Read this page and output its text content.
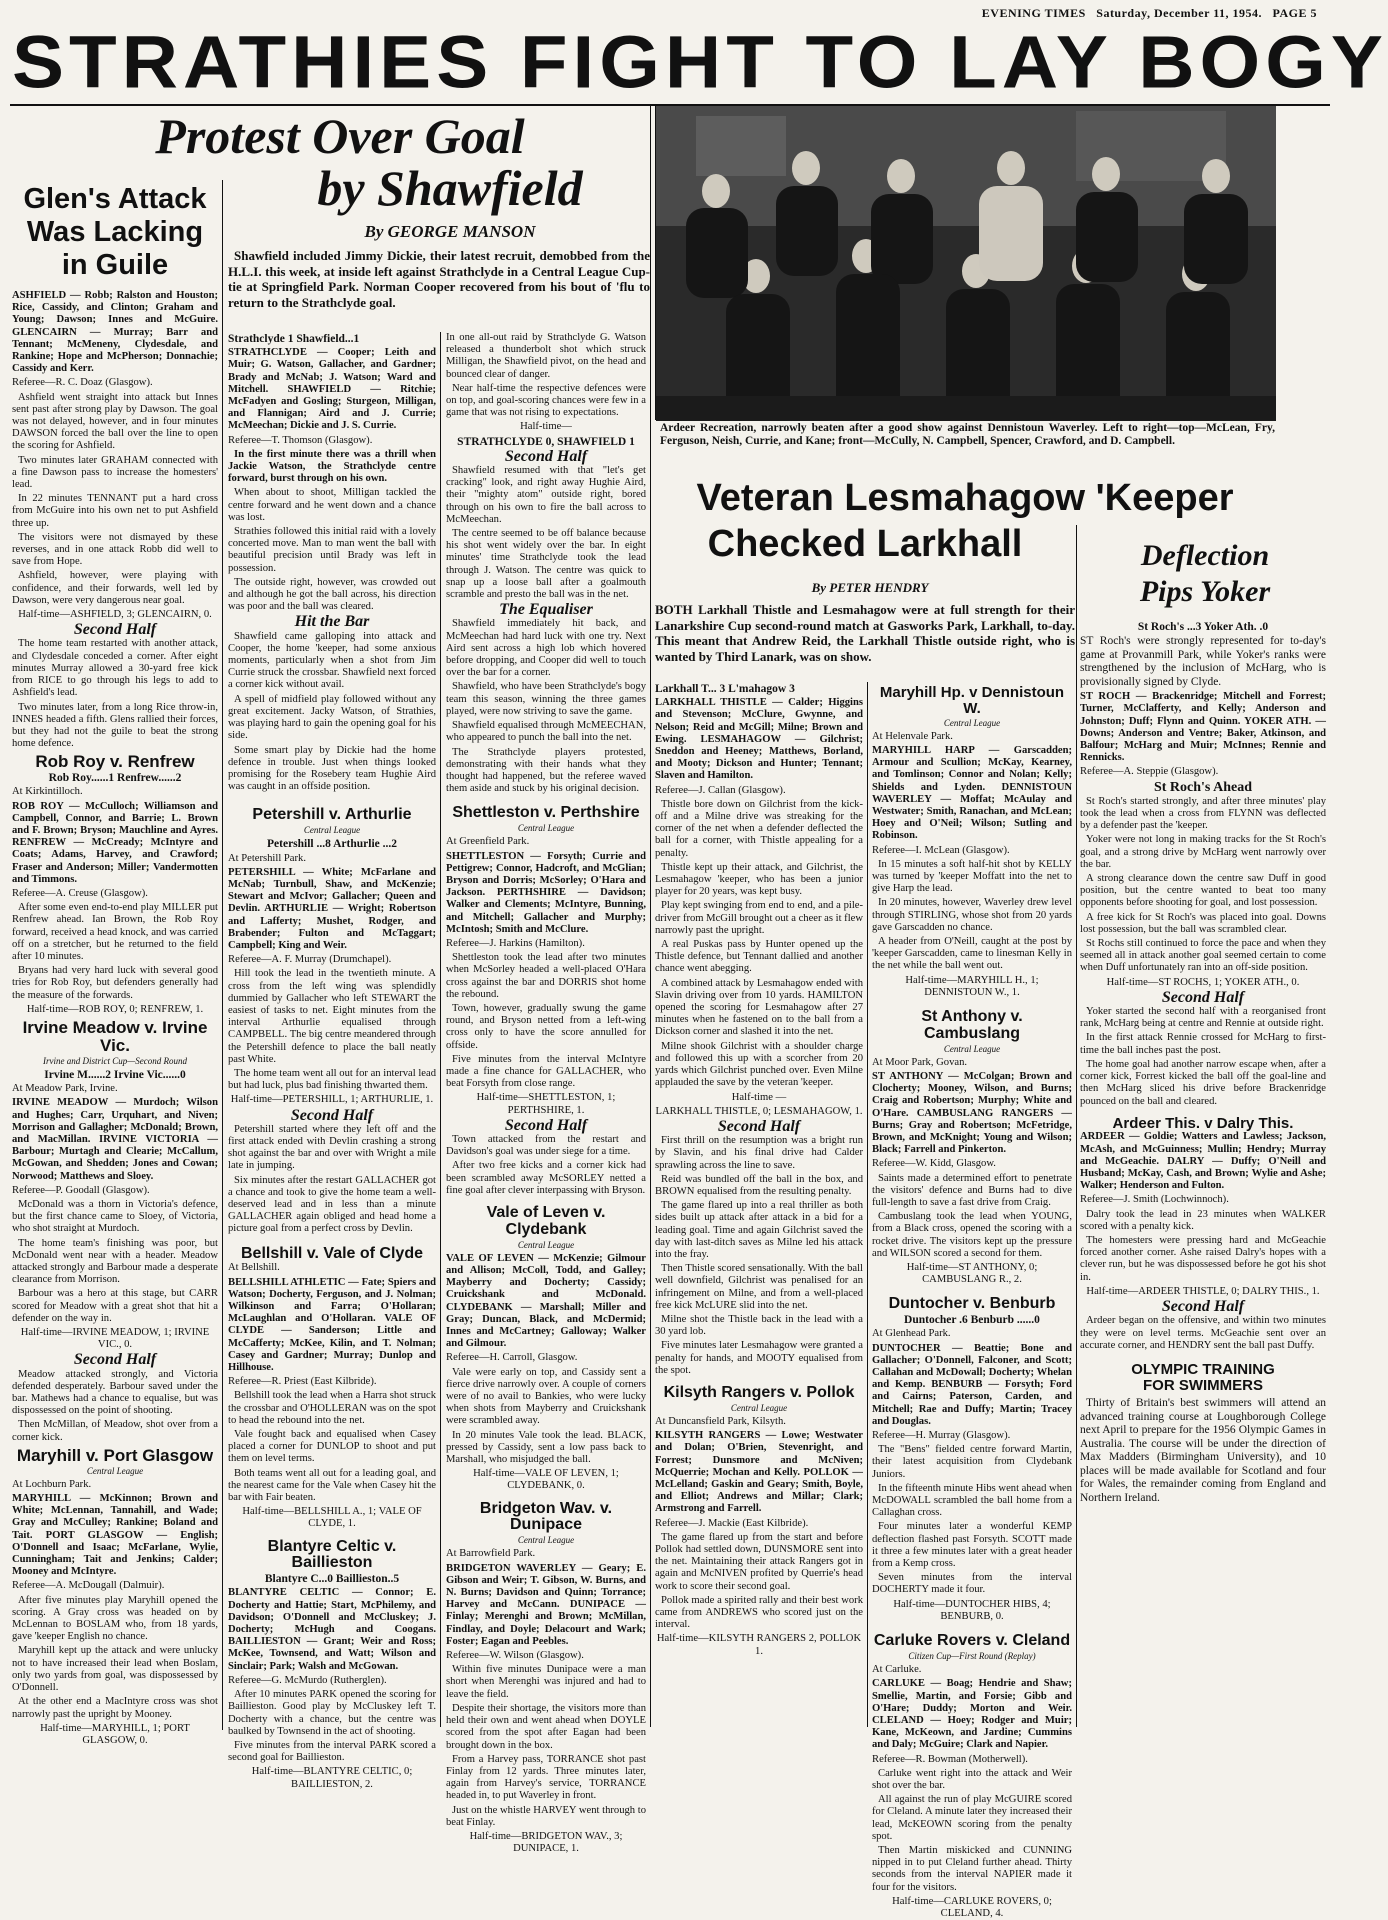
EVENING TIMES Saturday, December 11, 1954. PAGE 5
STRATHIES FIGHT TO LAY BOGY
Protest Over Goal
by Shawfield
By GEORGE MANSON

Shawfield included Jimmy Dickie, their latest recruit, demobbed from the H.L.I. this week, at inside left against Strathclyde in a Central League Cup-tie at Springfield Park. Norman Cooper recovered from his bout of 'flu to return to the Strathclyde goal.

Glen's Attack
Was Lacking
in Guile

ASHFIELD — Robb; Ralston and Houston; Rice, Cassidy, and Clinton; Graham and Young; Dawson; Innes and McGuire. GLENCAIRN — Murray; Barr and Tennant; McMeneny, Clydesdale, and Rankine; Hope and McPherson; Donnachie; Cassidy and Kerr.

Referee—R. C. Doaz (Glasgow).

Ashfield went straight into attack but Innes sent past after strong play by Dawson. The goal was not delayed, however, and in four minutes DAWSON forced the ball over the line to open the scoring for Ashfield.

Two minutes later GRAHAM connected with a fine Dawson pass to increase the homesters' lead.

In 22 minutes TENNANT put a hard cross from McGuire into his own net to put Ashfield three up.

The visitors were not dismayed by these reverses, and in one attack Robb did well to save from Hope.

Ashfield, however, were playing with confidence, and their forwards, well led by Dawson, were very dangerous near goal.

Half-time—ASHFIELD, 3; GLENCAIRN, 0.
Second Half

The home team restarted with another attack, and Clydesdale conceded a corner. After eight minutes Murray allowed a 30-yard free kick from RICE to go through his legs to add to Ashfield's lead.

Two minutes later, from a long Rice throw-in, INNES headed a fifth. Glens rallied their forces, but they had not the guile to beat the strong home defence.

Rob Roy v. Renfrew
Rob Roy......1 Renfrew......2

At Kirkintilloch.

ROB ROY — McCulloch; Williamson and Campbell, Connor, and Barrie; L. Brown and F. Brown; Bryson; Mauchline and Ayres. RENFREW — McCready; McIntyre and Coats; Adams, Harvey, and Crawford; Fraser and Anderson; Miller; Vandermotten and Timmons.

Referee—A. Creuse (Glasgow).

After some even end-to-end play MILLER put Renfrew ahead. Ian Brown, the Rob Roy forward, received a head knock, and was carried off on a stretcher, but he returned to the field after 10 minutes.

Bryans had very hard luck with several good tries for Rob Roy, but defenders generally had the measure of the forwards.

Half-time—ROB ROY, 0; RENFREW, 1.
Irvine Meadow v. Irvine Vic.
Irvine and District Cup—Second Round
Irvine M......2 Irvine Vic......0

At Meadow Park, Irvine.

IRVINE MEADOW — Murdoch; Wilson and Hughes; Carr, Urquhart, and Niven; Morrison and Gallagher; McDonald; Brown, and MacMillan. IRVINE VICTORIA — Barbour; Murtagh and Clearie; McCallum, McGowan, and Shedden; Jones and Cowan; Norwood; Matthews and Sloey.

Referee—P. Goodall (Glasgow).

McDonald was a thorn in Victoria's defence, but the first chance came to Sloey, of Victoria, who shot straight at Murdoch.

The home team's finishing was poor, but McDonald went near with a header. Meadow attacked strongly and Barbour made a desperate clearance from Morrison.

Barbour was a hero at this stage, but CARR scored for Meadow with a great shot that hit a defender on the way in.

Half-time—IRVINE MEADOW, 1; IRVINE VIC., 0.
Second Half

Meadow attacked strongly, and Victoria defended desperately. Barbour saved under the bar. Mathews had a chance to equalise, but was dispossessed on the point of shooting.

Then McMillan, of Meadow, shot over from a corner kick.

Maryhill v. Port Glasgow
Central League

At Lochburn Park.

MARYHILL — McKinnon; Brown and White; McLennan, Tannahill, and Wade; Gray and McCulley; Rankine; Boland and Tait. PORT GLASGOW — English; O'Donnell and Isaac; McFarlane, Wylie, Cunningham; Tait and Jenkins; Calder; Mooney and McIntyre.

Referee—A. McDougall (Dalmuir).

After five minutes play Maryhill opened the scoring. A Gray cross was headed on by McLennan to BOSLAM who, from 18 yards, gave 'keeper English no chance.

Maryhill kept up the attack and were unlucky not to have increased their lead when Boslam, only two yards from goal, was dispossessed by O'Donnell.

At the other end a MacIntyre cross was shot narrowly past the upright by Mooney.

Half-time—MARYHILL, 1; PORT GLASGOW, 0.
Strathclyde 1 Shawfield...1

STRATHCLYDE — Cooper; Leith and Muir; G. Watson, Gallacher, and Gardner; Brady and McNab; J. Watson; Ward and Mitchell. SHAWFIELD — Ritchie; McFadyen and Gosling; Sturgeon, Milligan, and Flannigan; Aird and J. Currie; McMeechan; Dickie and J. S. Currie.

Referee—T. Thomson (Glasgow).

In the first minute there was a thrill when Jackie Watson, the Strathclyde centre forward, burst through on his own.

When about to shoot, Milligan tackled the centre forward and he went down and a chance was lost.

Strathies followed this initial raid with a lovely concerted move. Man to man went the ball with beautiful precision until Brady was left in possession.

The outside right, however, was crowded out and although he got the ball across, his direction was poor and the ball was cleared.

Hit the Bar

Shawfield came galloping into attack and Cooper, the home 'keeper, had some anxious moments, particularly when a shot from Jim Currie struck the crossbar. Shawfield next forced a corner kick without avail.

A spell of midfield play followed without any great excitement. Jacky Watson, of Strathies, was playing hard to gain the opening goal for his side.

Some smart play by Dickie had the home defence in trouble. Just when things looked promising for the Rosebery team Hughie Aird was caught in an offside position.

Petershill v. Arthurlie
Central League
Petershill ...8 Arthurlie ...2

At Petershill Park.

PETERSHILL — White; McFarlane and McNab; Turnbull, Shaw, and McKenzie; Stewart and McIvor; Gallacher; Queen and Devlin. ARTHURLIE — Wright; Robertson and Lafferty; Mushet, Rodger, and Brabender; Fulton and McTaggart; Campbell; King and Weir.

Referee—A. F. Murray (Drumchapel).

Hill took the lead in the twentieth minute. A cross from the left wing was splendidly dummied by Gallacher who left STEWART the easiest of tasks to net. Eight minutes from the interval Arthurlie equalised through CAMPBELL. The big centre meandered through the Petershill defence to place the ball neatly past White.

The home team went all out for an interval lead but had luck, plus bad finishing thwarted them.

Half-time—PETERSHILL, 1; ARTHURLIE, 1.
Second Half

Petershill started where they left off and the first attack ended with Devlin crashing a strong shot against the bar and over with Wright a mile late in jumping.

Six minutes after the restart GALLACHER got a chance and took to give the home team a well-deserved lead and in less than a minute GALLACHER again obliged and head home a picture goal from a perfect cross by Devlin.

Bellshill v. Vale of Clyde

At Bellshill.

BELLSHILL ATHLETIC — Fate; Spiers and Watson; Docherty, Ferguson, and J. Nolman; Wilkinson and Farra; O'Hollaran; McLaughlan and O'Hollaran. VALE OF CLYDE — Sanderson; Little and McCafferty; McKee, Kilin, and T. Nolman; Casey and Gardner; Murray; Dunlop and Hillhouse.

Referee—R. Priest (East Kilbride).

Bellshill took the lead when a Harra shot struck the crossbar and O'HOLLERAN was on the spot to head the rebound into the net.

Vale fought back and equalised when Casey placed a corner for DUNLOP to shoot and put them on level terms.

Both teams went all out for a leading goal, and the nearest came for the Vale when Casey hit the bar with Fair beaten.

Half-time—BELLSHILL A., 1; VALE OF CLYDE, 1.
Blantyre Celtic v. Baillieston
Blantyre C...0 Baillieston..5

BLANTYRE CELTIC — Connor; E. Docherty and Hattie; Start, McPhilemy, and Davidson; O'Donnell and McCluskey; J. Docherty; McHugh and Coogans. BAILLIESTON — Grant; Weir and Ross; McKee, Townsend, and Watt; Wilson and Sinclair; Park; Walsh and McGowan.

Referee—G. McMurdo (Rutherglen).

After 10 minutes PARK opened the scoring for Baillieston. Good play by McCluskey left T. Docherty with a chance, but the centre was baulked by Townsend in the act of shooting.

Five minutes from the interval PARK scored a second goal for Baillieston.

Half-time—BLANTYRE CELTIC, 0; BAILLIESTON, 2.

In one all-out raid by Strathclyde G. Watson released a thunderbolt shot which struck Milligan, the Shawfield pivot, on the head and bounced clear of danger.

Near half-time the respective defences were on top, and goal-scoring chances were few in a game that was not rising to expectations.

Half-time—
STRATHCLYDE 0, SHAWFIELD 1
Second Half

Shawfield resumed with that "let's get cracking" look, and right away Hughie Aird, their "mighty atom" outside right, bored through on his own to fire the ball across to McMeechan.

The centre seemed to be off balance because his shot went widely over the bar. In eight minutes' time Strathclyde took the lead through J. Watson. The centre was quick to snap up a loose ball after a goalmouth scramble and presto the ball was in the net.

The Equaliser

Shawfield immediately hit back, and McMeechan had hard luck with one try. Next Aird sent across a high lob which hovered before dropping, and Cooper did well to touch over the bar for a corner.

Shawfield, who have been Strathclyde's bogy team this season, winning the three games played, were now striving to save the game.

Shawfield equalised through McMEECHAN, who appeared to punch the ball into the net.

The Strathclyde players protested, demonstrating with their hands what they thought had happened, but the referee waved them aside and stuck by his original decision.

Shettleston v. Perthshire
Central League

At Greenfield Park.

SHETTLESTON — Forsyth; Currie and Pettigrew; Connor, Hadcroft, and McGlian; Bryson and Dorris; McSorley; O'Hara and Jackson. PERTHSHIRE — Davidson; Walker and Clements; McIntyre, Bunning, and Mitchell; Gallacher and Murphy; McIntosh; Smith and McClure.

Referee—J. Harkins (Hamilton).

Shettleston took the lead after two minutes when McSorley headed a well-placed O'Hara cross against the bar and DORRIS shot home the rebound.

Town, however, gradually swung the game round, and Bryson netted from a left-wing cross only to have the score annulled for offside.

Five minutes from the interval McIntyre made a fine chance for GALLACHER, who beat Forsyth from close range.

Half-time—SHETTLESTON, 1; PERTHSHIRE, 1.
Second Half

Town attacked from the restart and Davidson's goal was under siege for a time.

After two free kicks and a corner kick had been scrambled away McSORLEY netted a fine goal after clever interpassing with Bryson.

Vale of Leven v. Clydebank
Central League

VALE OF LEVEN — McKenzie; Gilmour and Allison; McColl, Todd, and Galley; Mayberry and Docherty; Cassidy; Cruickshank and McDonald. CLYDEBANK — Marshall; Miller and Gray; Duncan, Black, and McDermid; Innes and McCartney; Galloway; Walker and Gilmour.

Referee—H. Carroll, Glasgow.

Vale were early on top, and Cassidy sent a fierce drive narrowly over. A couple of corners were of no avail to Bankies, who were lucky when shots from Mayberry and Cruickshank were scrambled away.

In 20 minutes Vale took the lead. BLACK, pressed by Cassidy, sent a low pass back to Marshall, who misjudged the ball.

Half-time—VALE OF LEVEN, 1; CLYDEBANK, 0.
Bridgeton Wav. v. Dunipace
Central League

At Barrowfield Park.

BRIDGETON WAVERLEY — Geary; E. Gibson and Weir; T. Gibson, W. Burns, and N. Burns; Davidson and Quinn; Torrance; Harvey and McCann. DUNIPACE — Finlay; Merenghi and Brown; McMillan, Findlay, and Doyle; Delacourt and Wark; Foster; Eagan and Peebles.

Referee—W. Wilson (Glasgow).

Within five minutes Dunipace were a man short when Merenghi was injured and had to leave the field.

Despite their shortage, the visitors more than held their own and went ahead when DOYLE scored from the spot after Eagan had been brought down in the box.

From a Harvey pass, TORRANCE shot past Finlay from 12 yards. Three minutes later, again from Harvey's service, TORRANCE headed in, to put Waverley in front.

Just on the whistle HARVEY went through to beat Finlay.

Half-time—BRIDGETON WAV., 3; DUNIPACE, 1.
Ardeer Recreation, narrowly beaten after a good show against Dennistoun Waverley. Left to right—top—McLean, Fry, Ferguson, Neish, Currie, and Kane; front—McCully, N. Campbell, Spencer, Crawford, and D. Campbell.
Veteran Lesmahagow 'Keeper
Checked Larkhall
By PETER HENDRY

BOTH Larkhall Thistle and Lesmahagow were at full strength for their Lanarkshire Cup second-round match at Gasworks Park, Larkhall, to-day. This meant that Andrew Reid, the Larkhall Thistle outside right, who is wanted by Third Lanark, was on show.

Larkhall T... 3 L'mahagow 3

LARKHALL THISTLE — Calder; Higgins and Stevenson; McClure, Gwynne, and Nelson; Reid and McGill; Milne; Brown and Ewing. LESMAHAGOW — Gilchrist; Sneddon and Heeney; Matthews, Borland, and Mooty; Dickson and Hunter; Tennant; Slaven and Hamilton.

Referee—J. Callan (Glasgow).

Thistle bore down on Gilchrist from the kick-off and a Milne drive was streaking for the corner of the net when a defender deflected the ball for a corner, with Thistle appealing for a penalty.

Thistle kept up their attack, and Gilchrist, the Lesmahagow 'keeper, who has been a junior player for 20 years, was kept busy.

Play kept swinging from end to end, and a pile-driver from McGill brought out a cheer as it flew narrowly past the upright.

A real Puskas pass by Hunter opened up the Thistle defence, but Tennant dallied and another chance went abegging.

A combined attack by Lesmahagow ended with Slavin driving over from 10 yards. HAMILTON opened the scoring for Lesmahagow after 27 minutes when he fastened on to the ball from a Dickson corner and slashed it into the net.

Milne shook Gilchrist with a shoulder charge and followed this up with a scorcher from 20 yards which Gilchrist punched over. Even Milne applauded the save by the veteran 'keeper.

Half-time —
LARKHALL THISTLE, 0; LESMAHAGOW, 1.
Second Half

First thrill on the resumption was a bright run by Slavin, and his final drive had Calder sprawling across the line to save.

Reid was bundled off the ball in the box, and BROWN equalised from the resulting penalty.

The game flared up into a real thriller as both sides built up attack after attack in a bid for a leading goal. Time and again Gilchrist saved the day with last-ditch saves as Milne led his attack into the fray.

Then Thistle scored sensationally. With the ball well downfield, Gilchrist was penalised for an infringement on Milne, and from a well-placed free kick McLURE slid into the net.

Milne shot the Thistle back in the lead with a 30 yard lob.

Five minutes later Lesmahagow were granted a penalty for hands, and MOOTY equalised from the spot.

Kilsyth Rangers v. Pollok
Central League

At Duncansfield Park, Kilsyth.

KILSYTH RANGERS — Lowe; Westwater and Dolan; O'Brien, Stevenright, and Forrest; Dunsmore and McNiven; McQuerrie; Mochan and Kelly. POLLOK — McLelland; Gaskin and Geary; Smith, Boyle, and Elliot; Andrews and Millar; Clark; Armstrong and Farrell.

Referee—J. Mackie (East Kilbride).

The game flared up from the start and before Pollok had settled down, DUNSMORE sent into the net. Maintaining their attack Rangers got in again and McNIVEN profited by Querrie's head work to score their second goal.

Pollok made a spirited rally and their best work came from ANDREWS who scored just on the interval.

Half-time—KILSYTH RANGERS 2, POLLOK 1.
Maryhill Hp. v Dennistoun W.
Central League

At Helenvale Park.

MARYHILL HARP — Garscadden; Armour and Scullion; McKay, Kearney, and Tomlinson; Connor and Nolan; Kelly; Shields and Lyden. DENNISTOUN WAVERLEY — Moffat; McAulay and Westwater; Smith, Ranachan, and McLean; Hoey and O'Neil; Wilson; Sutling and Robinson.

Referee—I. McLean (Glasgow).

In 15 minutes a soft half-hit shot by KELLY was turned by 'keeper Moffatt into the net to give Harp the lead.

In 20 minutes, however, Waverley drew level through STIRLING, whose shot from 20 yards gave Garscadden no chance.

A header from O'Neill, caught at the post by 'keeper Garscadden, came to linesman Kelly in the net while the ball went out.

Half-time—MARYHILL H., 1; DENNISTOUN W., 1.
St Anthony v. Cambuslang
Central League

At Moor Park, Govan.

ST ANTHONY — McColgan; Brown and Clocherty; Mooney, Wilson, and Burns; Craig and Robertson; Murphy; White and O'Hare. CAMBUSLANG RANGERS — Burns; Gray and Robertson; McFetridge, Brown, and McKnight; Young and Wilson; Black; Farrell and Pinkerton.

Referee—W. Kidd, Glasgow.

Saints made a determined effort to penetrate the visitors' defence and Burns had to dive full-length to save a fast drive from Craig.

Cambuslang took the lead when YOUNG, from a Black cross, opened the scoring with a rocket drive. The visitors kept up the pressure and WILSON scored a second for them.

Half-time—ST ANTHONY, 0; CAMBUSLANG R., 2.
Duntocher v. Benburb
Duntocher .6 Benburb ......0

At Glenhead Park.

DUNTOCHER — Beattie; Bone and Gallacher; O'Donnell, Falconer, and Scott; Callahan and McDowall; Docherty; Whelan and Kemp. BENBURB — Forsyth; Ford and Cairns; Paterson, Carden, and Mitchell; Rae and Duffy; Martin; Tracey and Douglas.

Referee—H. Murray (Glasgow).

The "Bens" fielded centre forward Martin, their latest acquisition from Clydebank Juniors.

In the fifteenth minute Hibs went ahead when McDOWALL scrambled the ball home from a Callaghan cross.

Four minutes later a wonderful KEMP deflection flashed past Forsyth. SCOTT made it three a few minutes later with a great header from a Kemp cross.

Seven minutes from the interval DOCHERTY made it four.

Half-time—DUNTOCHER HIBS, 4; BENBURB, 0.
Carluke Rovers v. Cleland
Citizen Cup—First Round (Replay)

At Carluke.

CARLUKE — Boag; Hendrie and Shaw; Smellie, Martin, and Forsie; Gibb and O'Hare; Duddy; Morton and Weir. CLELAND — Hoey; Rodger and Muir; Kane, McKeown, and Jardine; Cummins and Daly; McGuire; Clark and Napier.

Referee—R. Bowman (Motherwell).

Carluke went right into the attack and Weir shot over the bar.

All against the run of play McGUIRE scored for Cleland. A minute later they increased their lead, McKEOWN scoring from the penalty spot.

Then Martin miskicked and CUNNING nipped in to put Cleland further ahead. Thirty seconds from the interval NAPIER made it four for the visitors.

Half-time—CARLUKE ROVERS, 0; CLELAND, 4.
Deflection
Pips Yoker
St Roch's ...3 Yoker Ath. .0

ST Roch's were strongly represented for to-day's game at Provanmill Park, while Yoker's ranks were strengthened by the inclusion of McHarg, who is provisionally signed by Clyde.

ST ROCH — Brackenridge; Mitchell and Forrest; Turner, McClafferty, and Kelly; Anderson and Johnston; Duff; Flynn and Quinn. YOKER ATH. — Downs; Anderson and Ventre; Baker, Atkinson, and Balfour; McHarg and Muir; McInnes; Rennie and Rennicks.

Referee—A. Steppie (Glasgow).

St Roch's Ahead

St Roch's started strongly, and after three minutes' play took the lead when a cross from FLYNN was deflected by a defender past the 'keeper.

Yoker were not long in making tracks for the St Roch's goal, and a strong drive by McHarg went narrowly over the bar.

A strong clearance down the centre saw Duff in good position, but the centre wanted to beat too many opponents before shooting for goal, and lost possession.

A free kick for St Roch's was placed into goal. Downs lost possession, but the ball was scrambled clear.

St Rochs still continued to force the pace and when they seemed all in attack another goal seemed certain to come when Duff unfortunately ran into an off-side position.

Half-time—ST ROCHS, 1; YOKER ATH., 0.
Second Half

Yoker started the second half with a reorganised front rank, McHarg being at centre and Rennie at outside right.

In the first attack Rennie crossed for McHarg to first-time the ball inches past the post.

The home goal had another narrow escape when, after a corner kick, Forrest kicked the ball off the goal-line and then McHarg sliced his drive before Brackenridge pounced on the ball and cleared.

Ardeer This. v Dalry This.

ARDEER — Goldie; Watters and Lawless; Jackson, McAsh, and McGuinness; Mullin; Hendry; Murray and McGeachie. DALRY — Duffy; O'Neill and Husband; McKay, Cash, and Brown; Wylie and Ashe; Walker; Henderson and Fulton.

Referee—J. Smith (Lochwinnoch).

Dalry took the lead in 23 minutes when WALKER scored with a penalty kick.

The homesters were pressing hard and McGeachie forced another corner. Ashe raised Dalry's hopes with a clever run, but he was dispossessed before he got his shot in.

Half-time—ARDEER THISTLE, 0; DALRY THIS., 1.
Second Half

Ardeer began on the offensive, and within two minutes they were on level terms. McGeachie sent over an accurate corner, and HENDRY sent the ball past Duffy.

OLYMPIC TRAINING
FOR SWIMMERS

Thirty of Britain's best swimmers will attend an advanced training course at Loughborough College next April to prepare for the 1956 Olympic Games in Australia. The course will be under the direction of Max Madders (Birmingham University), and 10 places will be made available for Scotland and four for Wales, the remainder coming from England and Northern Ireland.
